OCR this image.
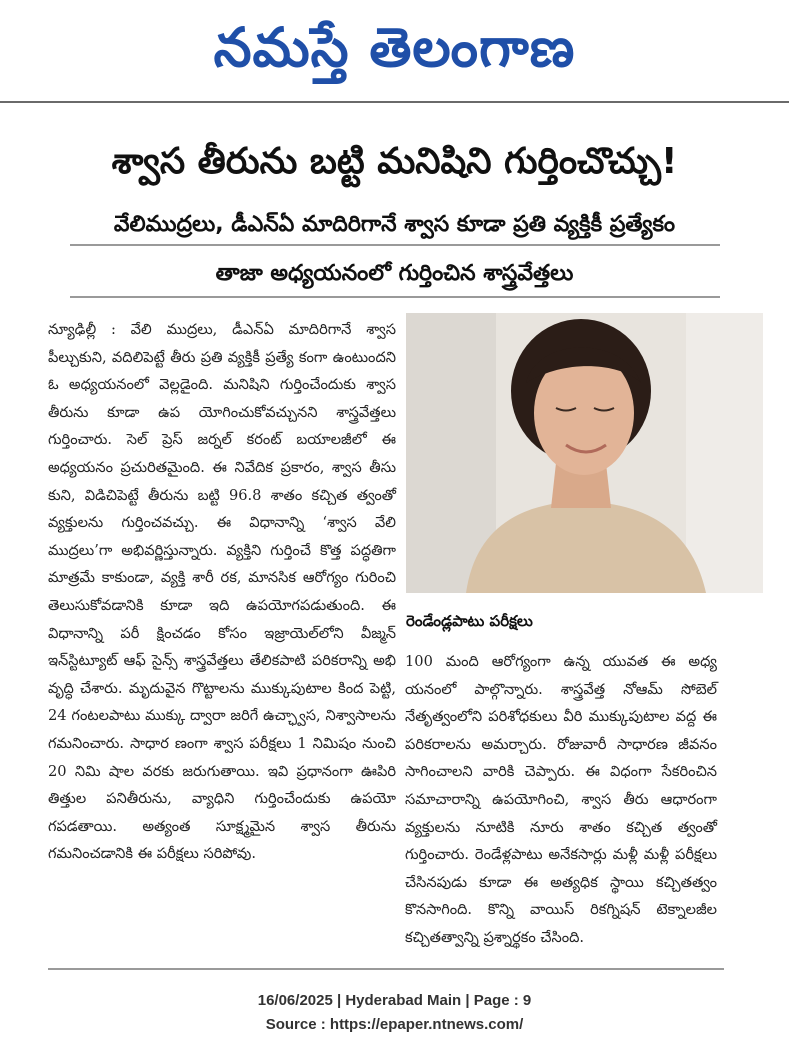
నమస్తే తెలంగాణ
శ్వాస తీరును బట్టి మనిషిని గుర్తించొచ్చు!
వేలిముద్రలు, డీఎన్ఏ మాదిరిగానే శ్వాస కూడా ప్రతి వ్యక్తికీ ప్రత్యేకం
తాజా అధ్యయనంలో గుర్తించిన శాస్త్రవేత్తలు

న్యూఢిల్లీ : వేలి ముద్రలు, డీఎన్ఏ మాదిరిగానే శ్వాస పీల్చుకుని, వదిలిపెట్టే తీరు ప్రతి వ్యక్తికీ ప్రత్యే కంగా ఉంటుందని ఓ అధ్యయనంలో వెల్లడైంది. మనిషిని గుర్తించేందుకు శ్వాస తీరును కూడా ఉప యోగించుకోవచ్చునని శాస్త్రవేత్తలు గుర్తించారు. సెల్ ప్రెస్ జర్నల్ కరంట్ బయాలజీలో ఈ అధ్యయనం ప్రచురితమైంది. ఈ నివేదిక ప్రకారం, శ్వాస తీసు కుని, విడిచిపెట్టే తీరును బట్టి 96.8 శాతం కచ్చిత త్వంతో వ్యక్తులను గుర్తించవచ్చు. ఈ విధానాన్ని ‘శ్వాస వేలి ముద్రలు’గా అభివర్ణిస్తున్నారు. వ్యక్తిని గుర్తించే కొత్త పద్ధతిగా మాత్రమే కాకుండా, వ్యక్తి శారీ రక, మానసిక ఆరోగ్యం గురించి తెలుసుకోవడానికి కూడా ఇది ఉపయోగపడుతుంది. ఈ విధానాన్ని పరీ క్షించడం కోసం ఇజ్రాయెల్‌లోని వీజ్మన్ ఇన్‌స్టిట్యూట్ ఆఫ్ సైన్స్ శాస్త్రవేత్తలు తేలికపాటి పరికరాన్ని అభి వృద్ధి చేశారు. మృదువైన గొట్టాలను ముక్కుపుటాల కింద పెట్టి, 24 గంటలపాటు ముక్కు ద్వారా జరిగే ఉచ్ఛ్వాస, నిశ్వాసాలను గమనించారు. సాధార ణంగా శ్వాస పరీక్షలు 1 నిమిషం నుంచి 20 నిమి షాల వరకు జరుగుతాయి. ఇవి ప్రధానంగా ఊపిరి తిత్తుల పనితీరును, వ్యాధిని గుర్తించేందుకు ఉపయో గపడతాయి. అత్యంత సూక్ష్మమైన శ్వాస తీరును గమనించడానికి ఈ పరీక్షలు సరిపోవు.

రెండేండ్లపాటు పరీక్షలు

100 మంది ఆరోగ్యంగా ఉన్న యువత ఈ అధ్య యనంలో పాల్గొన్నారు. శాస్త్రవేత్త నోఆమ్ సోబెల్ నేతృత్వంలోని పరిశోధకులు వీరి ముక్కుపుటాల వద్ద ఈ పరికరాలను అమర్చారు. రోజువారీ సాధారణ జీవనం సాగించాలని వారికి చెప్పారు. ఈ విధంగా సేకరించిన సమాచారాన్ని ఉపయోగించి, శ్వాస తీరు ఆధారంగా వ్యక్తులను నూటికి నూరు శాతం కచ్చిత త్వంతో గుర్తించారు. రెండేళ్లపాటు అనేకసార్లు మళ్లీ మళ్లీ పరీక్షలు చేసినపుడు కూడా ఈ అత్యధిక స్థాయి కచ్చితత్వం కొనసాగింది. కొన్ని వాయిస్ రికగ్నిషన్ టెక్నాలజీల కచ్చితత్వాన్ని ప్రశ్నార్థకం చేసింది.

16/06/2025 | Hyderabad Main | Page : 9
Source : https://epaper.ntnews.com/
